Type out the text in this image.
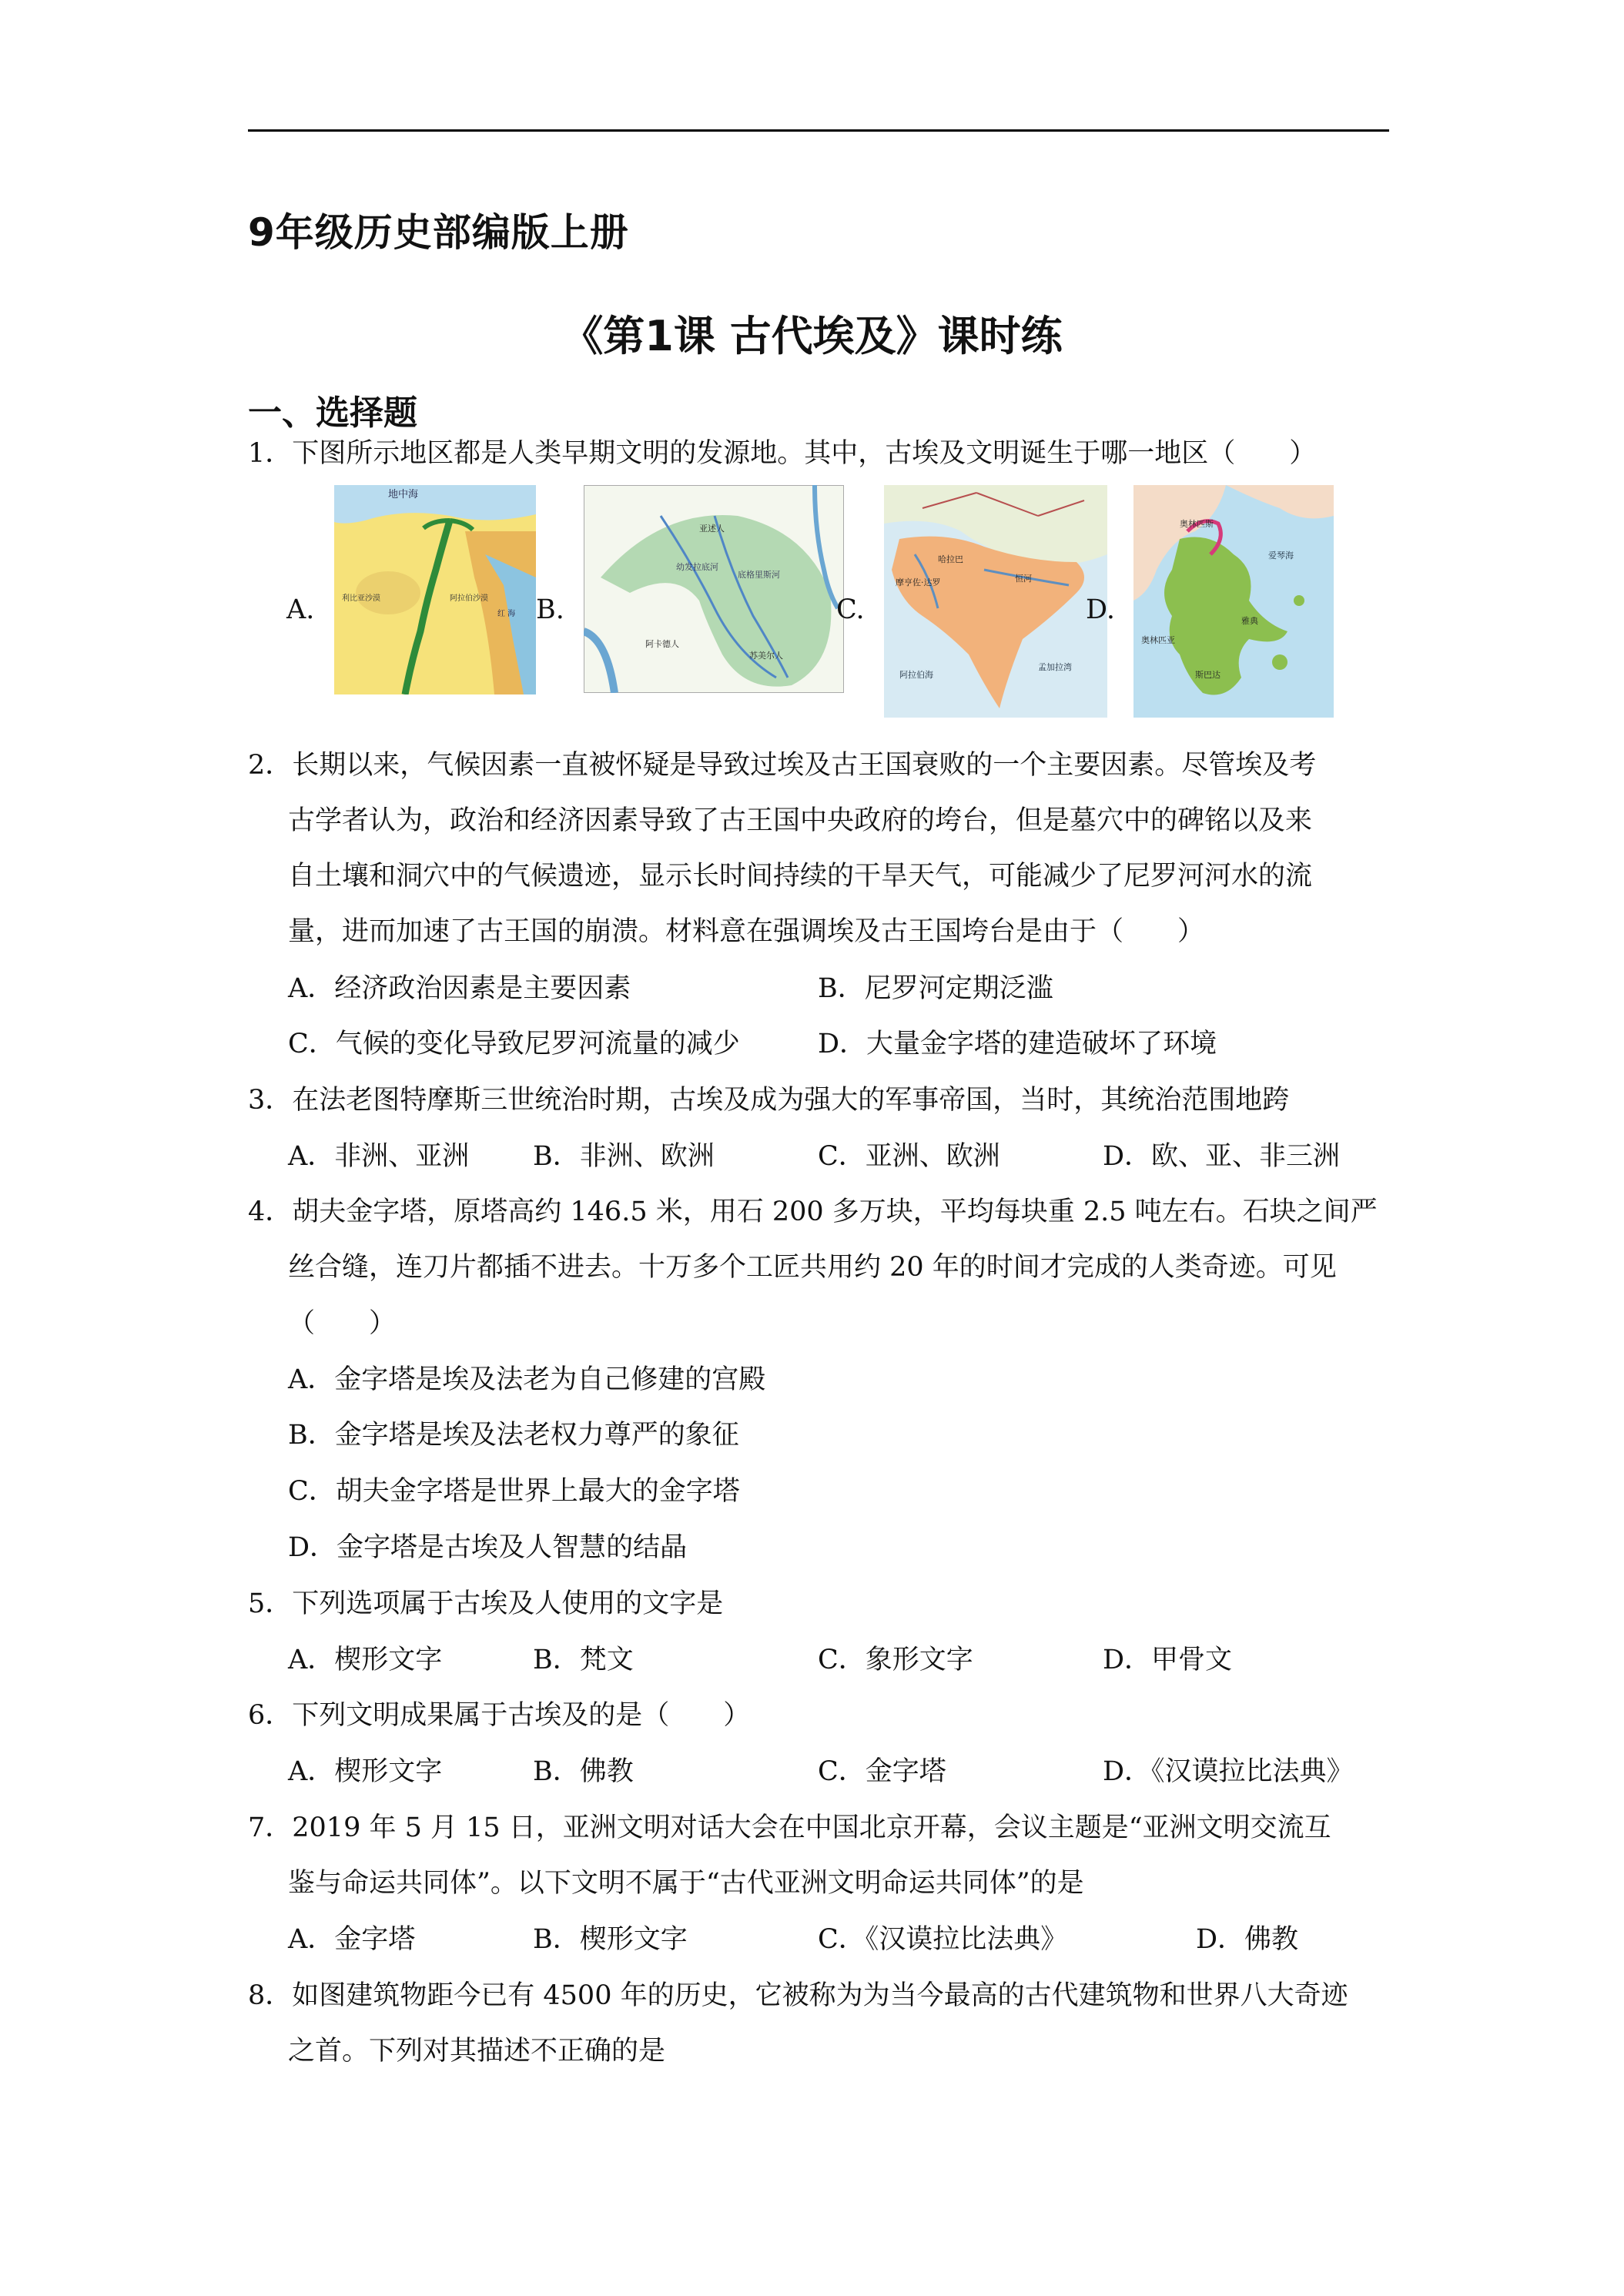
9年级历史部编版上册
《第1课 古代埃及》课时练
一、选择题
1．下图所示地区都是人类早期文明的发源地。其中，古埃及文明诞生于哪一地区（　　）
A.
地中海
利比亚沙漠	阿拉伯沙漠
红 海 B.
幼发拉底河
底格里斯河
阿卡德人
亚述人
苏美尔人
C.
摩亨佐·达罗
哈拉巴
恒河
阿拉伯海
孟加拉湾
D.
奥林匹斯
奥林匹亚
雅典
斯巴达
爱琴海
2．长期以来，气候因素一直被怀疑是导致过埃及古王国衰败的一个主要因素。尽管埃及考
古学者认为，政治和经济因素导致了古王国中央政府的垮台，但是墓穴中的碑铭以及来
自土壤和洞穴中的气候遗迹，显示长时间持续的干旱天气，可能减少了尼罗河河水的流
量，进而加速了古王国的崩溃。材料意在强调埃及古王国垮台是由于（　　）
A．经济政治因素是主要因素	B．尼罗河定期泛滥
C．气候的变化导致尼罗河流量的减少	D．大量金字塔的建造破坏了环境
3．在法老图特摩斯三世统治时期，古埃及成为强大的军事帝国，当时，其统治范围地跨
A．非洲、亚洲 B．非洲、欧洲	C．亚洲、欧洲	D．欧、亚、非三洲
4．胡夫金字塔，原塔高约 146.5 米，用石 200 多万块，平均每块重 2.5 吨左右。石块之间严
丝合缝，连刀片都插不进去。十万多个工匠共用约 20 年的时间才完成的人类奇迹。可见
（　　）
A．金字塔是埃及法老为自己修建的宫殿
B．金字塔是埃及法老权力尊严的象征
C．胡夫金字塔是世界上最大的金字塔
D．金字塔是古埃及人智慧的结晶
5．下列选项属于古埃及人使用的文字是
A．楔形文字	B．梵文	C．象形文字	D．甲骨文
6．下列文明成果属于古埃及的是（　　）
A．楔形文字	B．佛教	C．金字塔	D．《汉谟拉比法典》
7．2019 年 5 月 15 日，亚洲文明对话大会在中国北京开幕，会议主题是“亚洲文明交流互
鉴与命运共同体”。以下文明不属于“古代亚洲文明命运共同体”的是
A．金字塔	B．楔形文字	C．《汉谟拉比法典》	D．佛教
8．如图建筑物距今已有 4500 年的历史，它被称为为当今最高的古代建筑物和世界八大奇迹
之首。下列对其描述不正确的是
